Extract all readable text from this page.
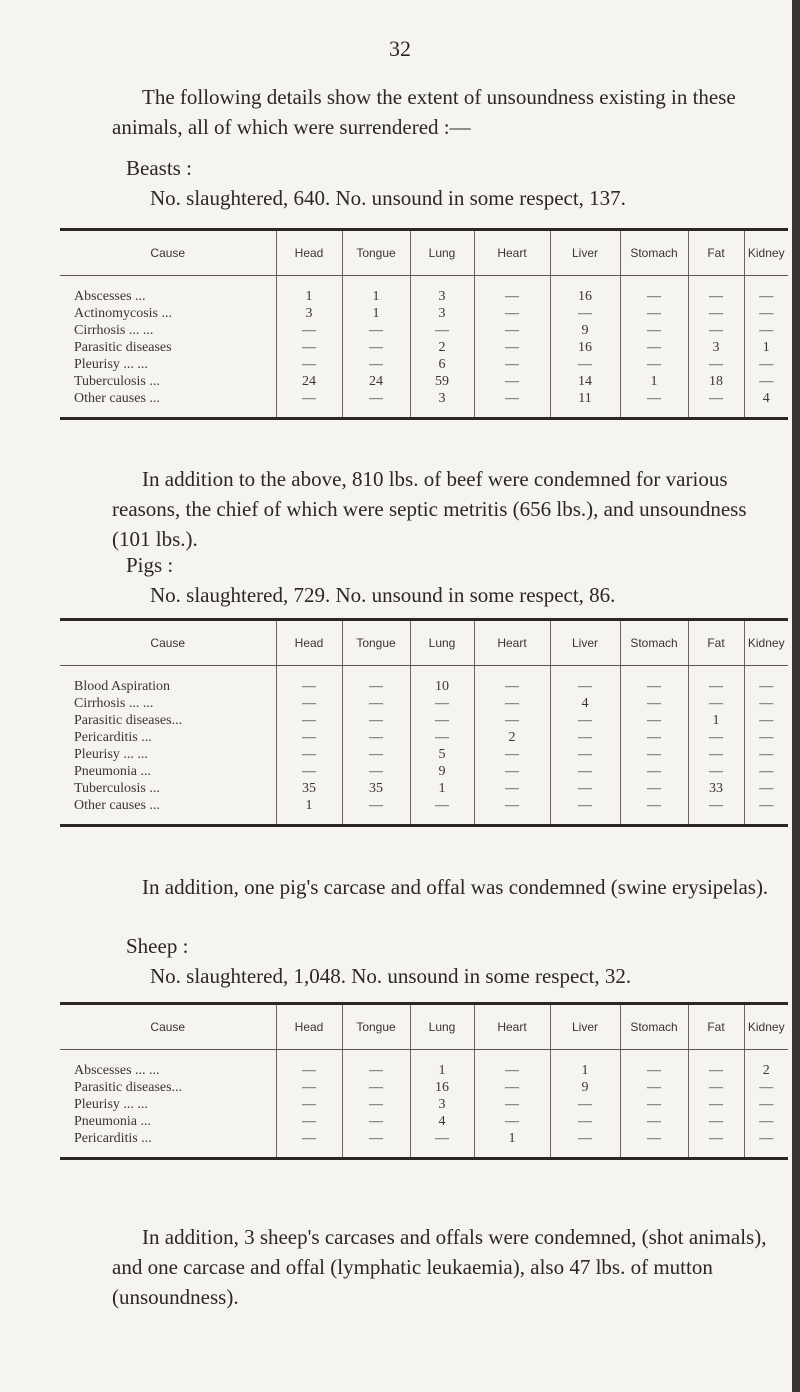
32

The following details show the extent of unsoundness existing in these animals, all of which were surrendered :—

Beasts :
No. slaughtered, 640. No. unsound in some respect, 137.
Cause	Head	Tongue	Lung	Heart	Liver	Stomach	Fat	Kidney
Abscesses ...	1	1	3	—	16	—	—	—
Actinomycosis ...	3	1	3	—	—	—	—	—
Cirrhosis ... ...	—	—	—	—	9	—	—	—
Parasitic diseases	—	—	2	—	16	—	3	1
Pleurisy ... ...	—	—	6	—	—	—	—	—
Tuberculosis ...	24	24	59	—	14	1	18	—
Other causes ...	—	—	3	—	11	—	—	4

In addition to the above, 810 lbs. of beef were condemned for various reasons, the chief of which were septic metritis (656 lbs.), and unsoundness (101 lbs.).

Pigs :
No. slaughtered, 729. No. unsound in some respect, 86.
Cause	Head	Tongue	Lung	Heart	Liver	Stomach	Fat	Kidney
Blood Aspiration	—	—	10	—	—	—	—	—
Cirrhosis ... ...	—	—	—	—	4	—	—	—
Parasitic diseases...	—	—	—	—	—	—	1	—
Pericarditis ...	—	—	—	2	—	—	—	—
Pleurisy ... ...	—	—	5	—	—	—	—	—
Pneumonia ...	—	—	9	—	—	—	—	—
Tuberculosis ...	35	35	1	—	—	—	33	—
Other causes ...	1	—	—	—	—	—	—	—

In addition, one pig's carcase and offal was condemned (swine erysipelas).

Sheep :
No. slaughtered, 1,048. No. unsound in some respect, 32.
Cause	Head	Tongue	Lung	Heart	Liver	Stomach	Fat	Kidney
Abscesses ... ...	—	—	1	—	1	—	—	2
Parasitic diseases...	—	—	16	—	9	—	—	—
Pleurisy ... ...	—	—	3	—	—	—	—	—
Pneumonia ...	—	—	4	—	—	—	—	—
Pericarditis ...	—	—	—	1	—	—	—	—

In addition, 3 sheep's carcases and offals were condemned, (shot animals), and one carcase and offal (lymphatic leukaemia), also 47 lbs. of mutton (unsoundness).
